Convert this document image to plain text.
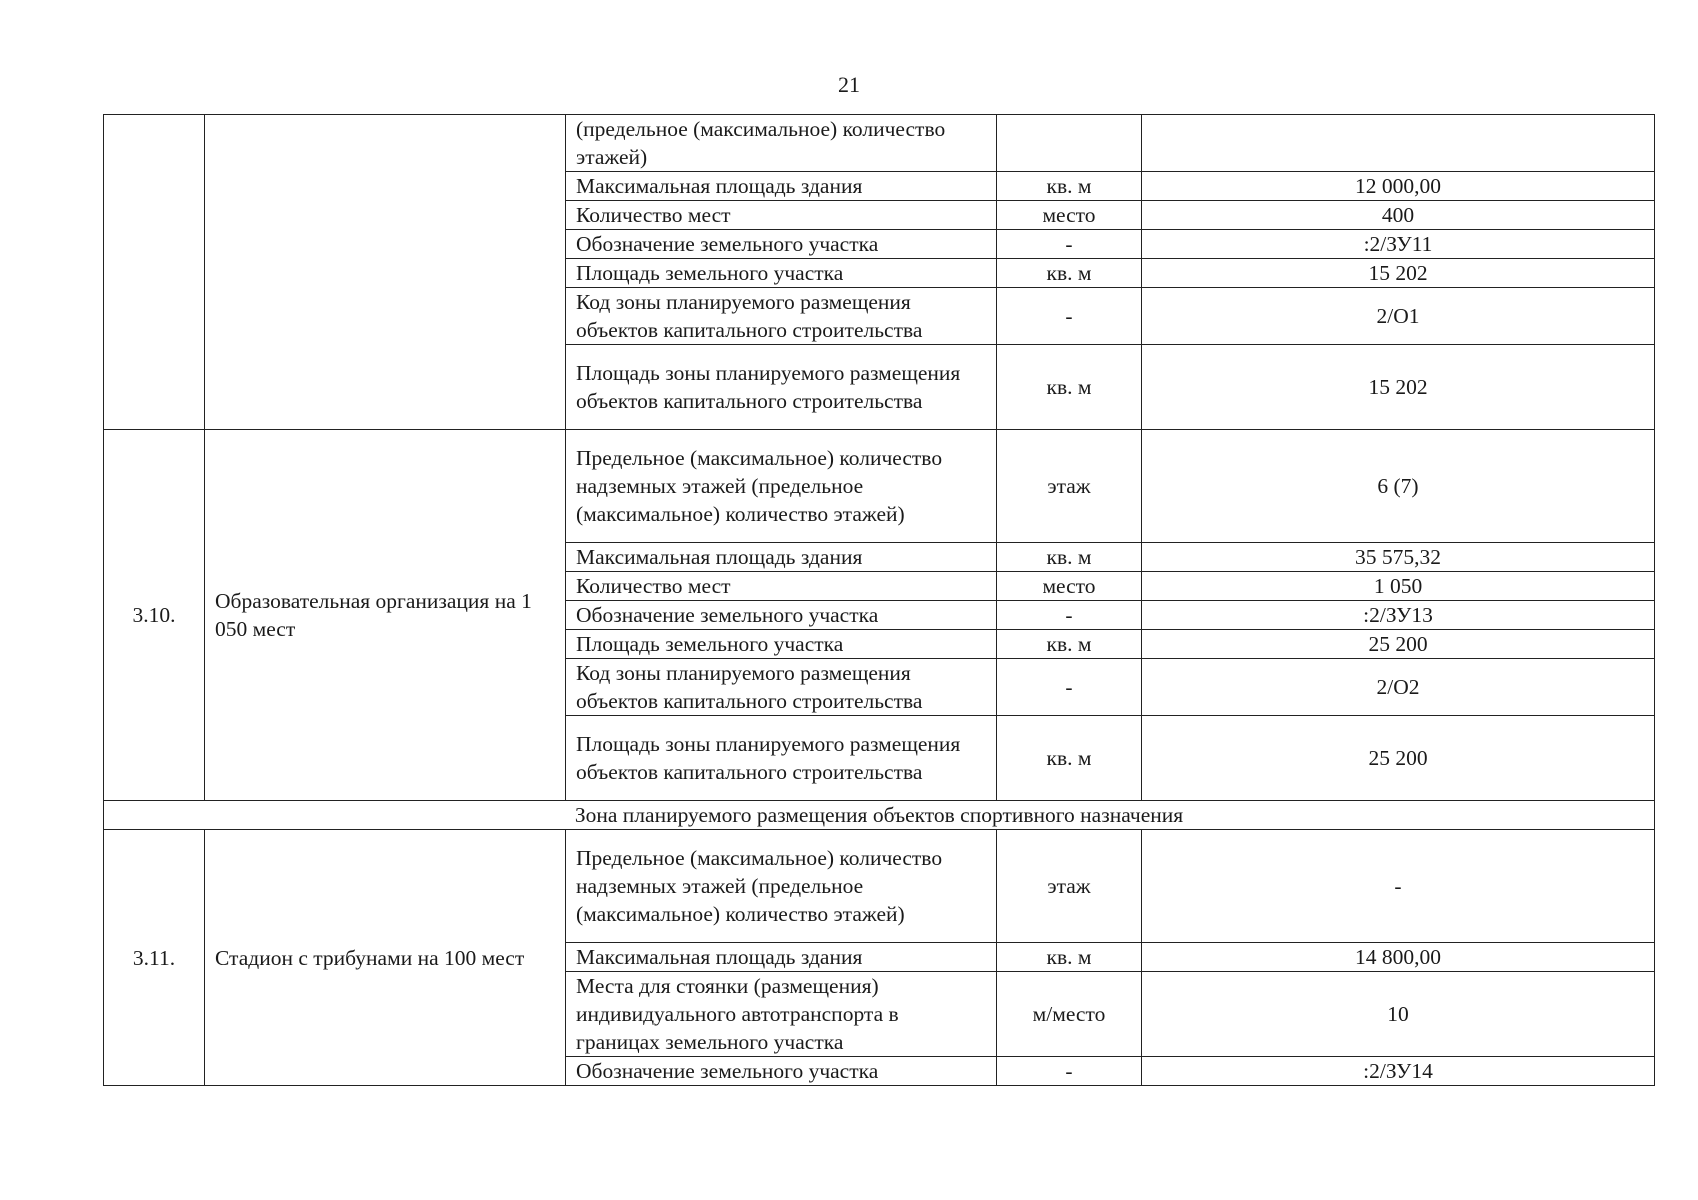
21
		(предельное (максимальное) количество этажей)		
		Максимальная площадь здания	кв. м	12 000,00
		Количество мест	место	400
		Обозначение земельного участка	-	:2/ЗУ11
		Площадь земельного участка	кв. м	15 202
		Код зоны планируемого размещения объектов капитального строительства	-	2/О1
		Площадь зоны планируемого размещения объектов капитального строительства	кв. м	15 202
3.10.	Образовательная организация на 1 050 мест	Предельное (максимальное) количество надземных этажей (предельное (максимальное) количество этажей)	этаж	6 (7)
		Максимальная площадь здания	кв. м	35 575,32
		Количество мест	место	1 050
		Обозначение земельного участка	-	:2/ЗУ13
		Площадь земельного участка	кв. м	25 200
		Код зоны планируемого размещения объектов капитального строительства	-	2/О2
		Площадь зоны планируемого размещения объектов капитального строительства	кв. м	25 200
Зона планируемого размещения объектов спортивного назначения				
3.11.	Стадион с трибунами на 100 мест	Предельное (максимальное) количество надземных этажей (предельное (максимальное) количество этажей)	этаж	-
		Максимальная площадь здания	кв. м	14 800,00
		Места для стоянки (размещения) индивидуального автотранспорта в границах земельного участка	м/место	10
		Обозначение земельного участка	-	:2/ЗУ14
